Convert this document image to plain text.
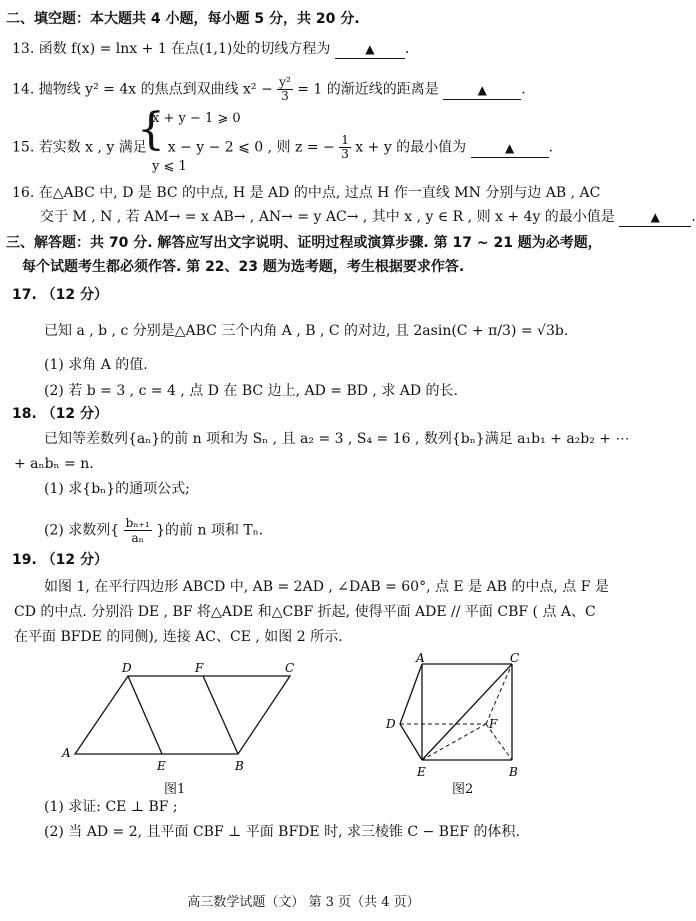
二、填空题：本大题共 4 小题，每小题 5 分，共 20 分.
13. 函数 f(x) = lnx + 1 在点(1,1)处的切线方程为	▲ .
14. 抛物线 y² = 4x 的焦点到双曲线 $x^2 - \frac{\text{y²}}{3} = 1$ 的渐近线的距离是	▲ .
x + y − 1 ⩾ 0
{
15. 若实数 x , y 满足 x − y − 2 ⩽ 0 , 则 z = − $\frac{1}{3}$ x + y 的最小值为	▲ .
y ⩽ 1
16. 在△ABC 中, D 是 BC 的中点, H 是 AD 的中点, 过点 H 作一直线 MN 分别与边 AB , AC
交于 M , N , 若 AM→ = x AB→ , AN→ = y AC→ , 其中 x , y ∈ R , 则 x + 4y 的最小值是	▲ .
三、解答题：共 70 分. 解答应写出文字说明、证明过程或演算步骤. 第 17 ~ 21 题为必考题，
每个试题考生都必须作答. 第 22、23 题为选考题，考生根据要求作答.
17. （12 分）
已知 a , b , c 分别是△ABC 三个内角 A , B , C 的对边, 且 2asin(C + π/3) = √3b.
(1) 求角 A 的值.
(2) 若 b = 3 , c = 4 , 点 D 在 BC 边上, AD = BD , 求 AD 的长.
18. （12 分）
已知等差数列{aₙ}的前 n 项和为 Sₙ , 且 a₂ = 3 , S₄ = 16 , 数列{bₙ}满足 a₁b₁ + a₂b₂ + ⋯
+ aₙbₙ = n.
(1) 求{bₙ}的通项公式;
(2) 求数列{ $\frac{\text{bₙ₊₁}}{\text{aₙ}}$ }的前 n 项和 Tₙ.
19. （12 分）
如图 1, 在平行四边形 ABCD 中, AB = 2AD , ∠DAB = 60°, 点 E 是 AB 的中点, 点 F 是
CD 的中点. 分别沿 DE , BF 将△ADE 和△CBF 折起, 使得平面 ADE // 平面 CBF ( 点 A、C
在平面 BFDE 的同侧), 连接 AC、CE , 如图 2 所示.
A
D	F	C
E	B
图1
A	C
D	F
E	B
图2
(1) 求证: CE ⊥ BF ;
(2) 当 AD = 2, 且平面 CBF ⊥ 平面 BFDE 时, 求三棱锥 C − BEF 的体积.
高三数学试题（文） 第 3 页（共 4 页）
